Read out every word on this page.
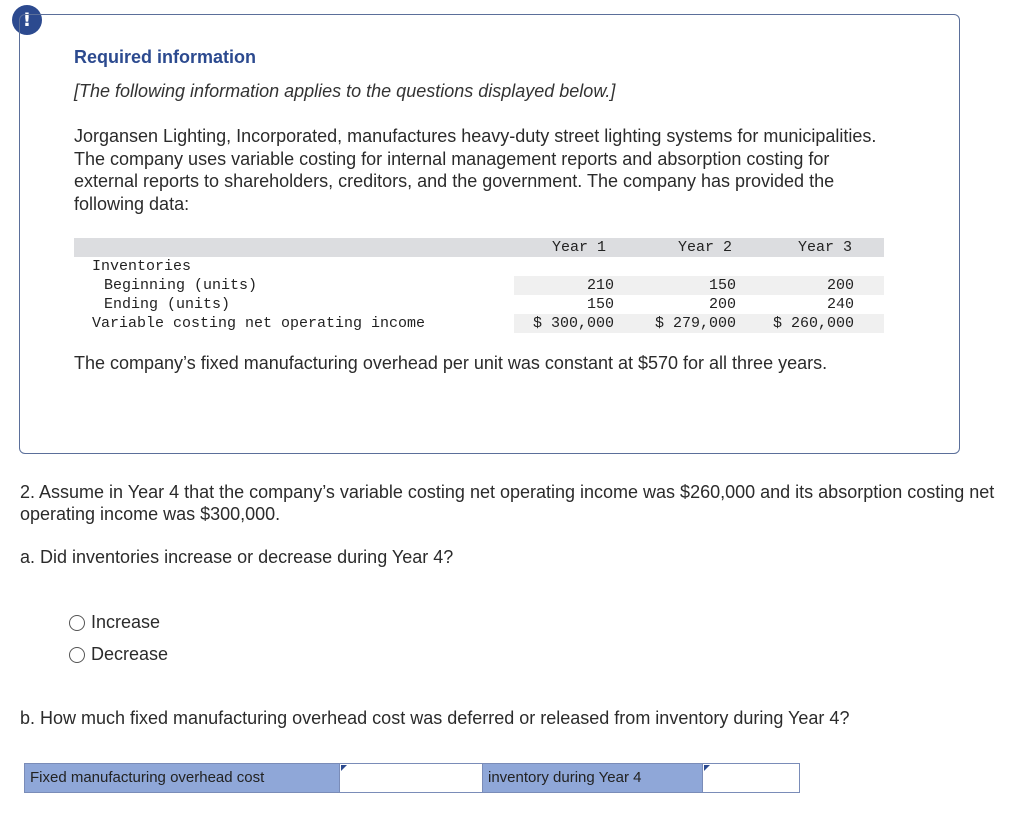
!

Required information

[The following information applies to the questions displayed below.]

Jorgansen Lighting, Incorporated, manufactures heavy-duty street lighting systems for municipalities. The company uses variable costing for internal management reports and absorption costing for external reports to shareholders, creditors, and the government. The company has provided the following data:

	Year 1	Year 2	Year 3
Inventories			
Beginning (units)	210	150	200
Ending (units)	150	200	240
Variable costing net operating income	$ 300,000	$ 279,000	$ 260,000

The company’s fixed manufacturing overhead per unit was constant at $570 for all three years.

2. Assume in Year 4 that the company’s variable costing net operating income was $260,000 and its absorption costing net operating income was $300,000.

a. Did inventories increase or decrease during Year 4?

Increase
Decrease

b. How much fixed manufacturing overhead cost was deferred or released from inventory during Year 4?

Fixed manufacturing overhead cost	inventory during Year 4
